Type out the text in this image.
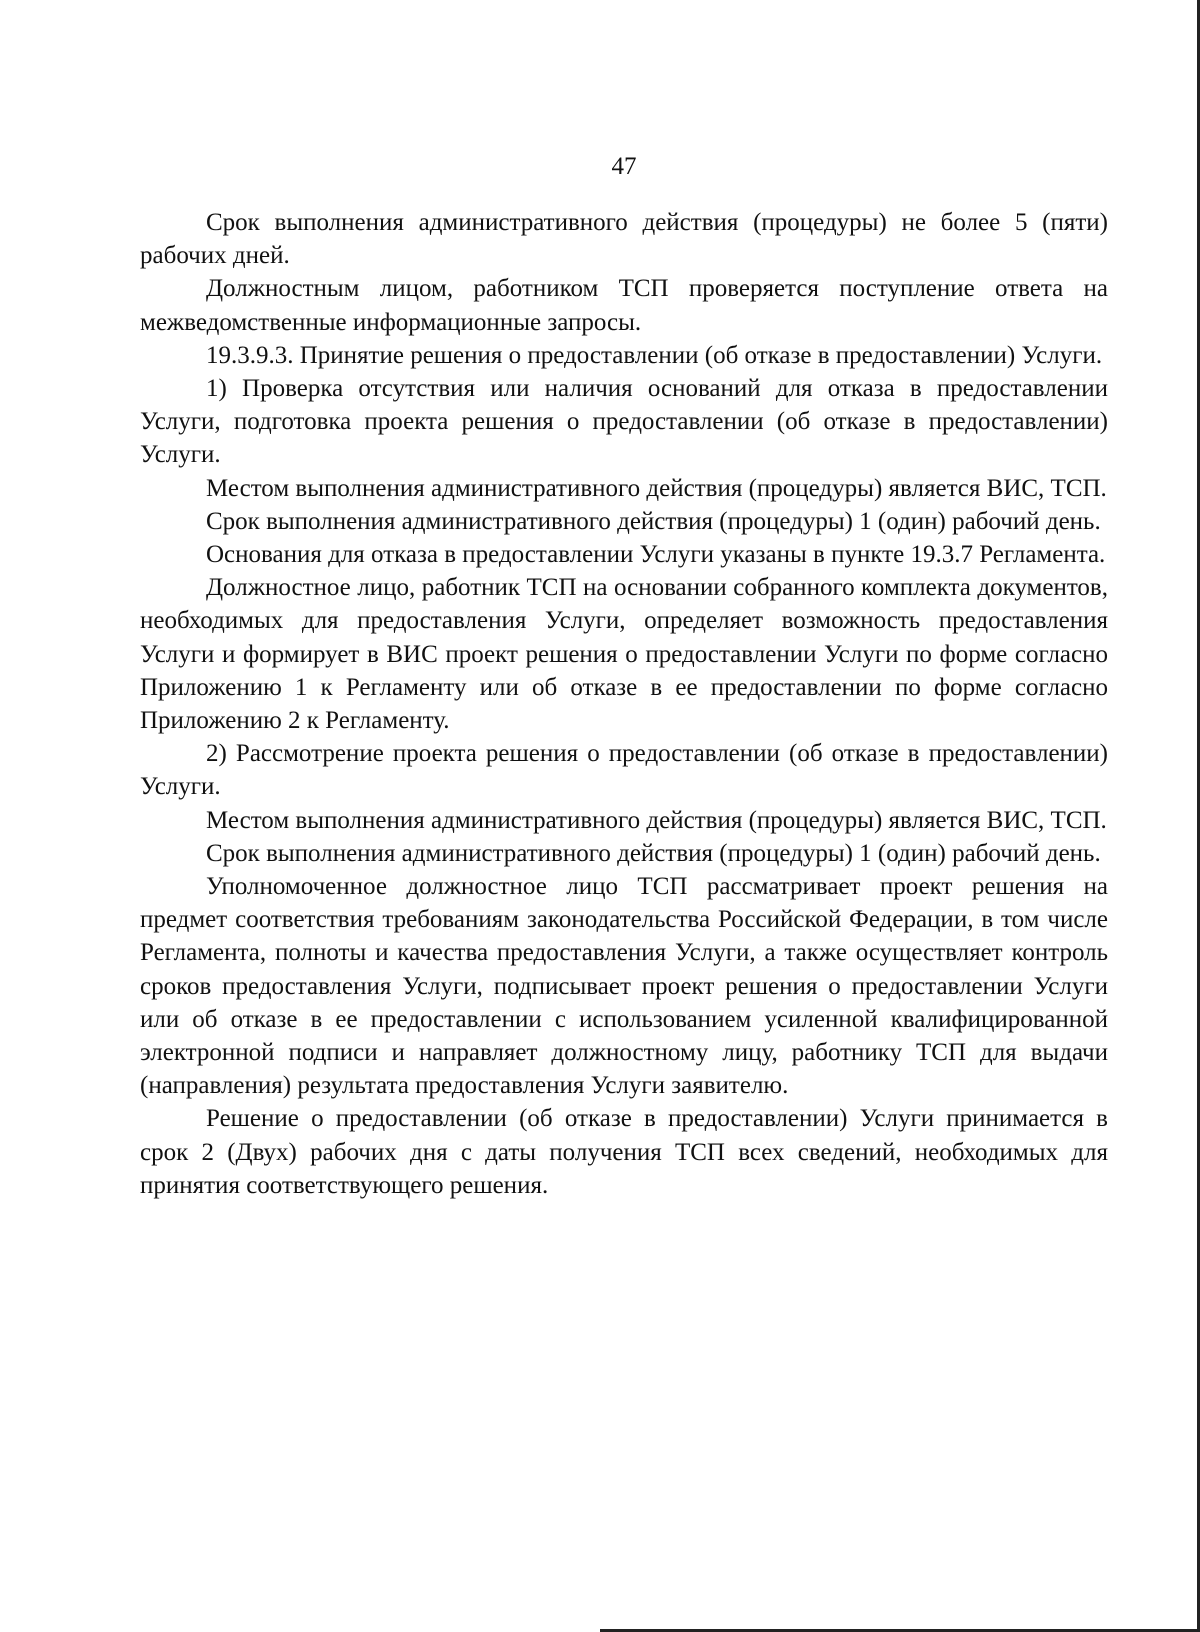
47

Срок выполнения административного действия (процедуры) не более 5 (пяти) рабочих дней.

Должностным лицом, работником ТСП проверяется поступление ответа на межведомственные информационные запросы.

19.3.9.3. Принятие решения о предоставлении (об отказе в предоставлении) Услуги.

1) Проверка отсутствия или наличия оснований для отказа в предоставлении Услуги, подготовка проекта решения о предоставлении (об отказе в предоставлении) Услуги.

Местом выполнения административного действия (процедуры) является ВИС, ТСП.

Срок выполнения административного действия (процедуры) 1 (один) рабочий день.

Основания для отказа в предоставлении Услуги указаны в пункте 19.3.7 Регламента.

Должностное лицо, работник ТСП на основании собранного комплекта документов, необходимых для предоставления Услуги, определяет возможность предоставления Услуги и формирует в ВИС проект решения о предоставлении Услуги по форме согласно Приложению 1 к Регламенту или об отказе в ее предоставлении по форме согласно Приложению 2 к Регламенту.

2) Рассмотрение проекта решения о предоставлении (об отказе в предоставлении) Услуги.

Местом выполнения административного действия (процедуры) является ВИС, ТСП.

Срок выполнения административного действия (процедуры) 1 (один) рабочий день.

Уполномоченное должностное лицо ТСП рассматривает проект решения на предмет соответствия требованиям законодательства Российской Федерации, в том числе Регламента, полноты и качества предоставления Услуги, а также осуществляет контроль сроков предоставления Услуги, подписывает проект решения о предоставлении Услуги или об отказе в ее предоставлении с использованием усиленной квалифицированной электронной подписи и направляет должностному лицу, работнику ТСП для выдачи (направления) результата предоставления Услуги заявителю.

Решение о предоставлении (об отказе в предоставлении) Услуги принимается в срок 2 (Двух) рабочих дня с даты получения ТСП всех сведений, необходимых для принятия соответствующего решения.
